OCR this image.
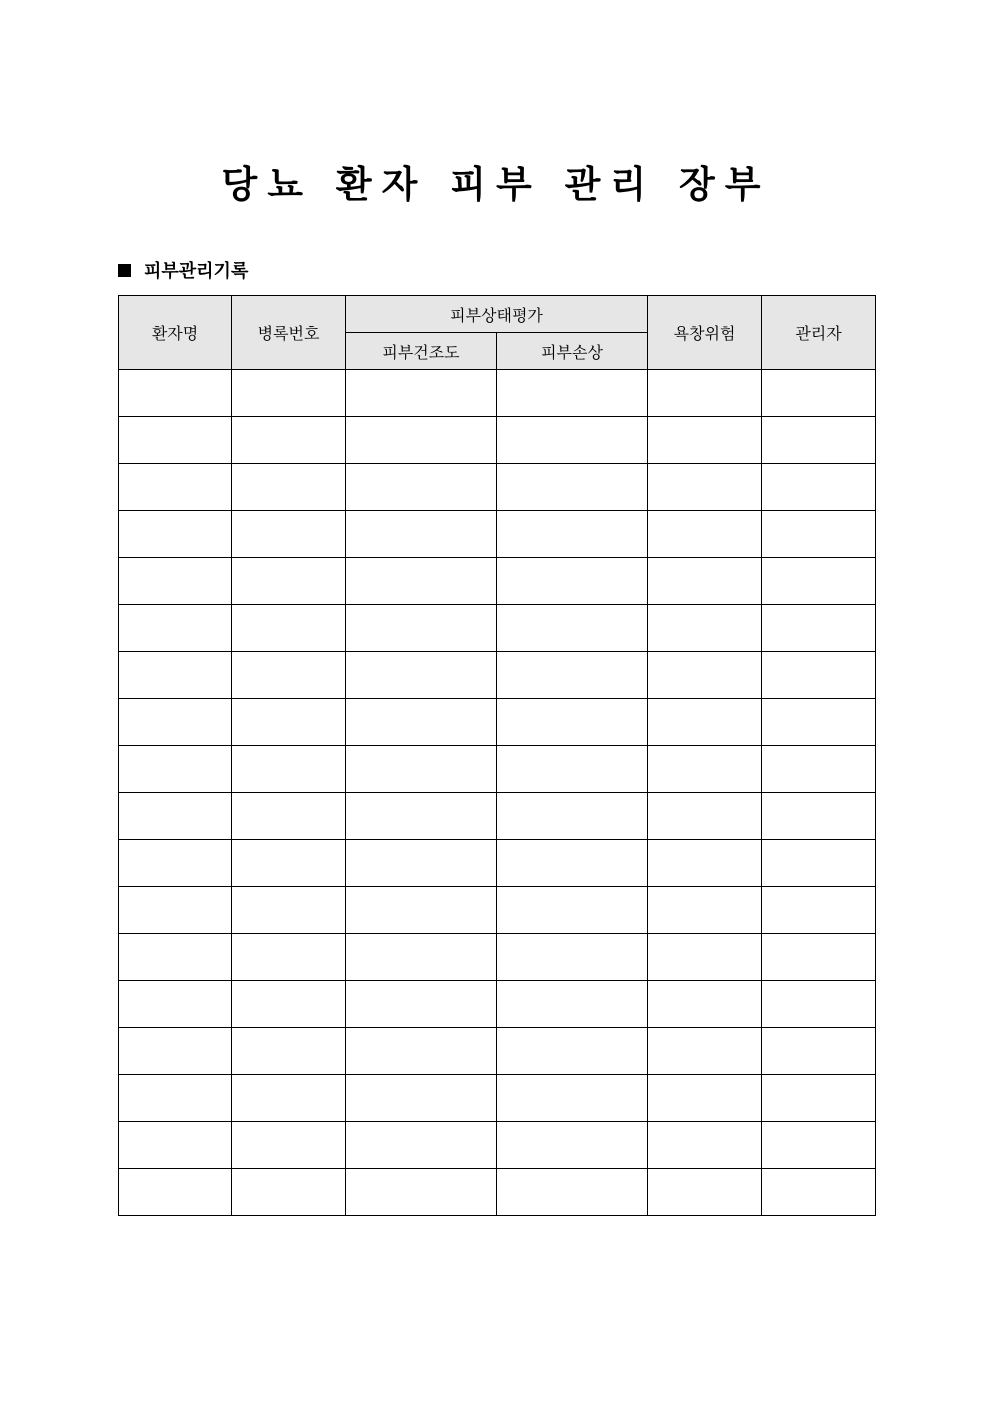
당뇨 환자 피부 관리 장부
피부관리기록
환자명	병록번호	피부상태평가		욕창위험	관리자
		피부건조도	피부손상		
